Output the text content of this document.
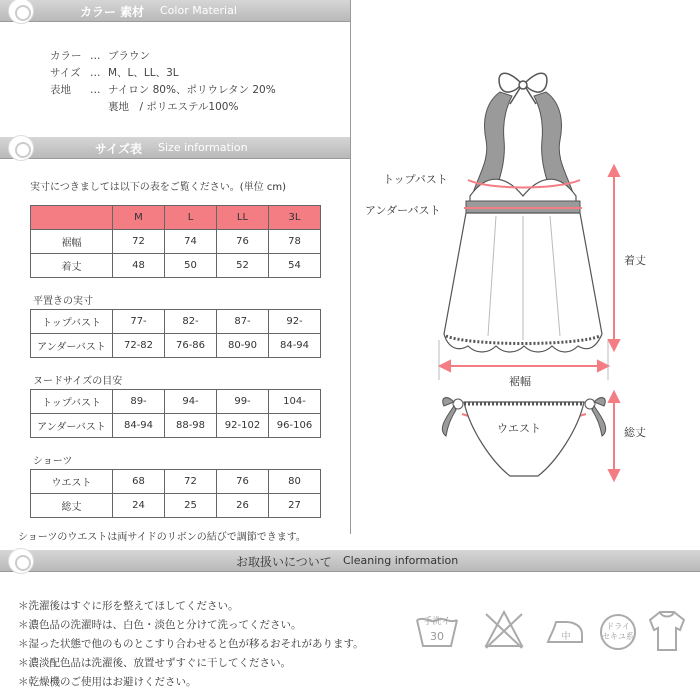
カラー 素材 Color Material
カラー … ブラウン
サイズ … M、L、LL、3L
表地 … ナイロン 80%、ポリウレタン 20%
裏地　/ ポリエステル100%
サイズ表 Size information
実寸につきましては以下の表をご覧ください。(単位 cm)
	M	L	LL	3L
裾幅	72	74	76	78
着丈	48	50	52	54
平置きの実寸
トップバスト	77-	82-	87-	92-
アンダーバスト	72-82	76-86	80-90	84-94
ヌードサイズの目安
トップバスト	89-	94-	99-	104-
アンダーバスト	84-94	88-98	92-102	96-106
ショーツ
ウエスト	68	72	76	80
総丈	24	25	26	27
ショーツのウエストは両サイドのリボンの結びで調節できます。
トップバスト
アンダーバスト
着丈
裾幅
ウエスト	総丈
お取扱いについて Cleaning information
＊洗濯後はすぐに形を整えてほしてください。
＊濃色品の洗濯時は、白色・淡色と分けて洗ってください。
＊湿った状態で他のものとこすり合わせると色が移るおそれがあります。
＊濃淡配色品は洗濯後、放置せずすぐに干してください。
＊乾燥機のご使用はお避けください。
手洗イ
30	中
ドライ
セキユ系
